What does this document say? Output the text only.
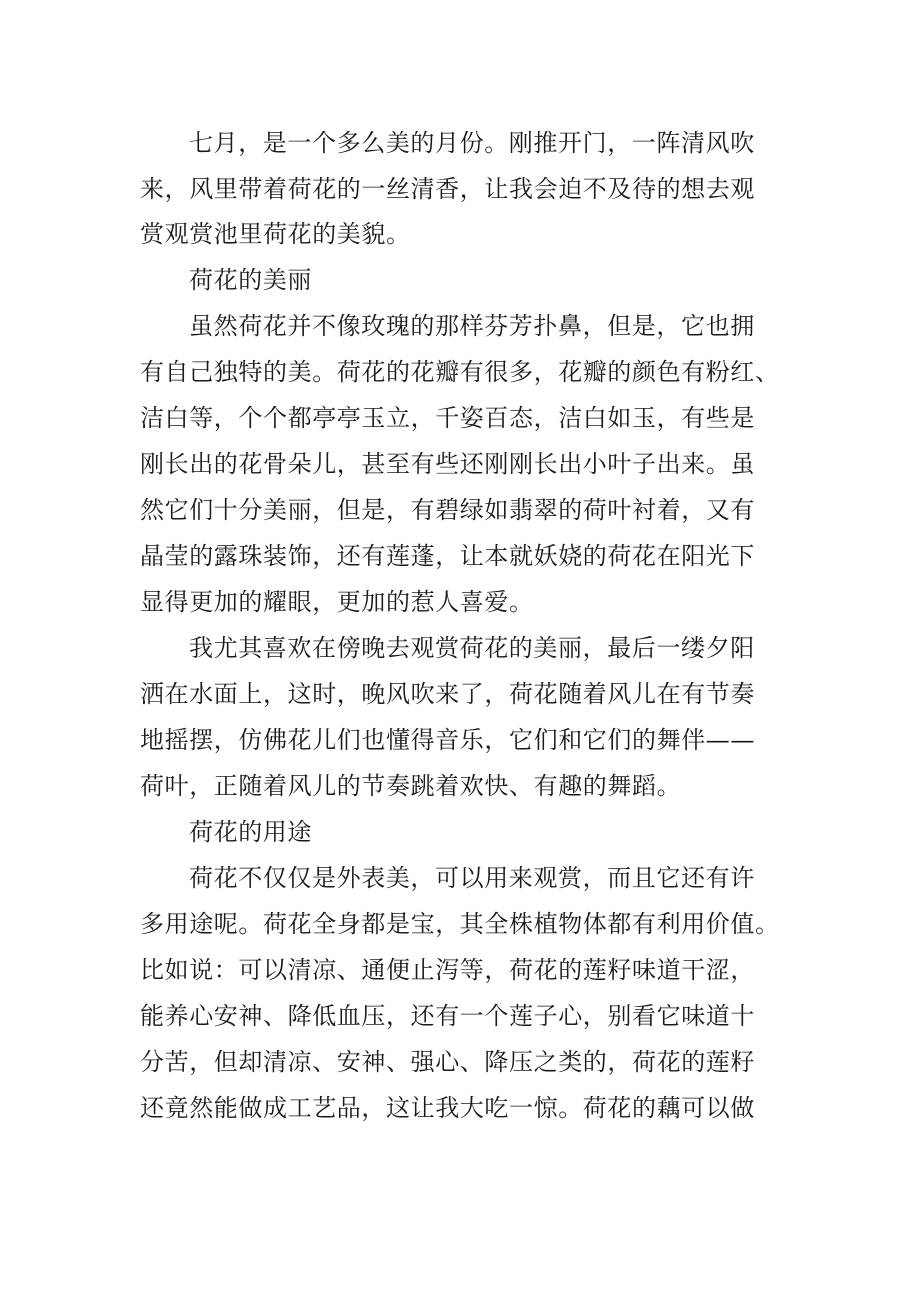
七月，是一个多么美的月份。刚推开门，一阵清风吹
来，风里带着荷花的一丝清香，让我会迫不及待的想去观
赏观赏池里荷花的美貌。
荷花的美丽
虽然荷花并不像玫瑰的那样芬芳扑鼻，但是，它也拥
有自己独特的美。荷花的花瓣有很多，花瓣的颜色有粉红、
洁白等，个个都亭亭玉立，千姿百态，洁白如玉，有些是
刚长出的花骨朵儿，甚至有些还刚刚长出小叶子出来。虽
然它们十分美丽，但是，有碧绿如翡翠的荷叶衬着，又有
晶莹的露珠装饰，还有莲蓬，让本就妖娆的荷花在阳光下
显得更加的耀眼，更加的惹人喜爱。
我尤其喜欢在傍晚去观赏荷花的美丽，最后一缕夕阳
洒在水面上，这时，晚风吹来了，荷花随着风儿在有节奏
地摇摆，仿佛花儿们也懂得音乐，它们和它们的舞伴——
荷叶，正随着风儿的节奏跳着欢快、有趣的舞蹈。
荷花的用途
荷花不仅仅是外表美，可以用来观赏，而且它还有许
多用途呢。荷花全身都是宝，其全株植物体都有利用价值。
比如说：可以清凉、通便止泻等，荷花的莲籽味道干涩，
能养心安神、降低血压，还有一个莲子心，别看它味道十
分苦，但却清凉、安神、强心、降压之类的，荷花的莲籽
还竟然能做成工艺品，这让我大吃一惊。荷花的藕可以做
